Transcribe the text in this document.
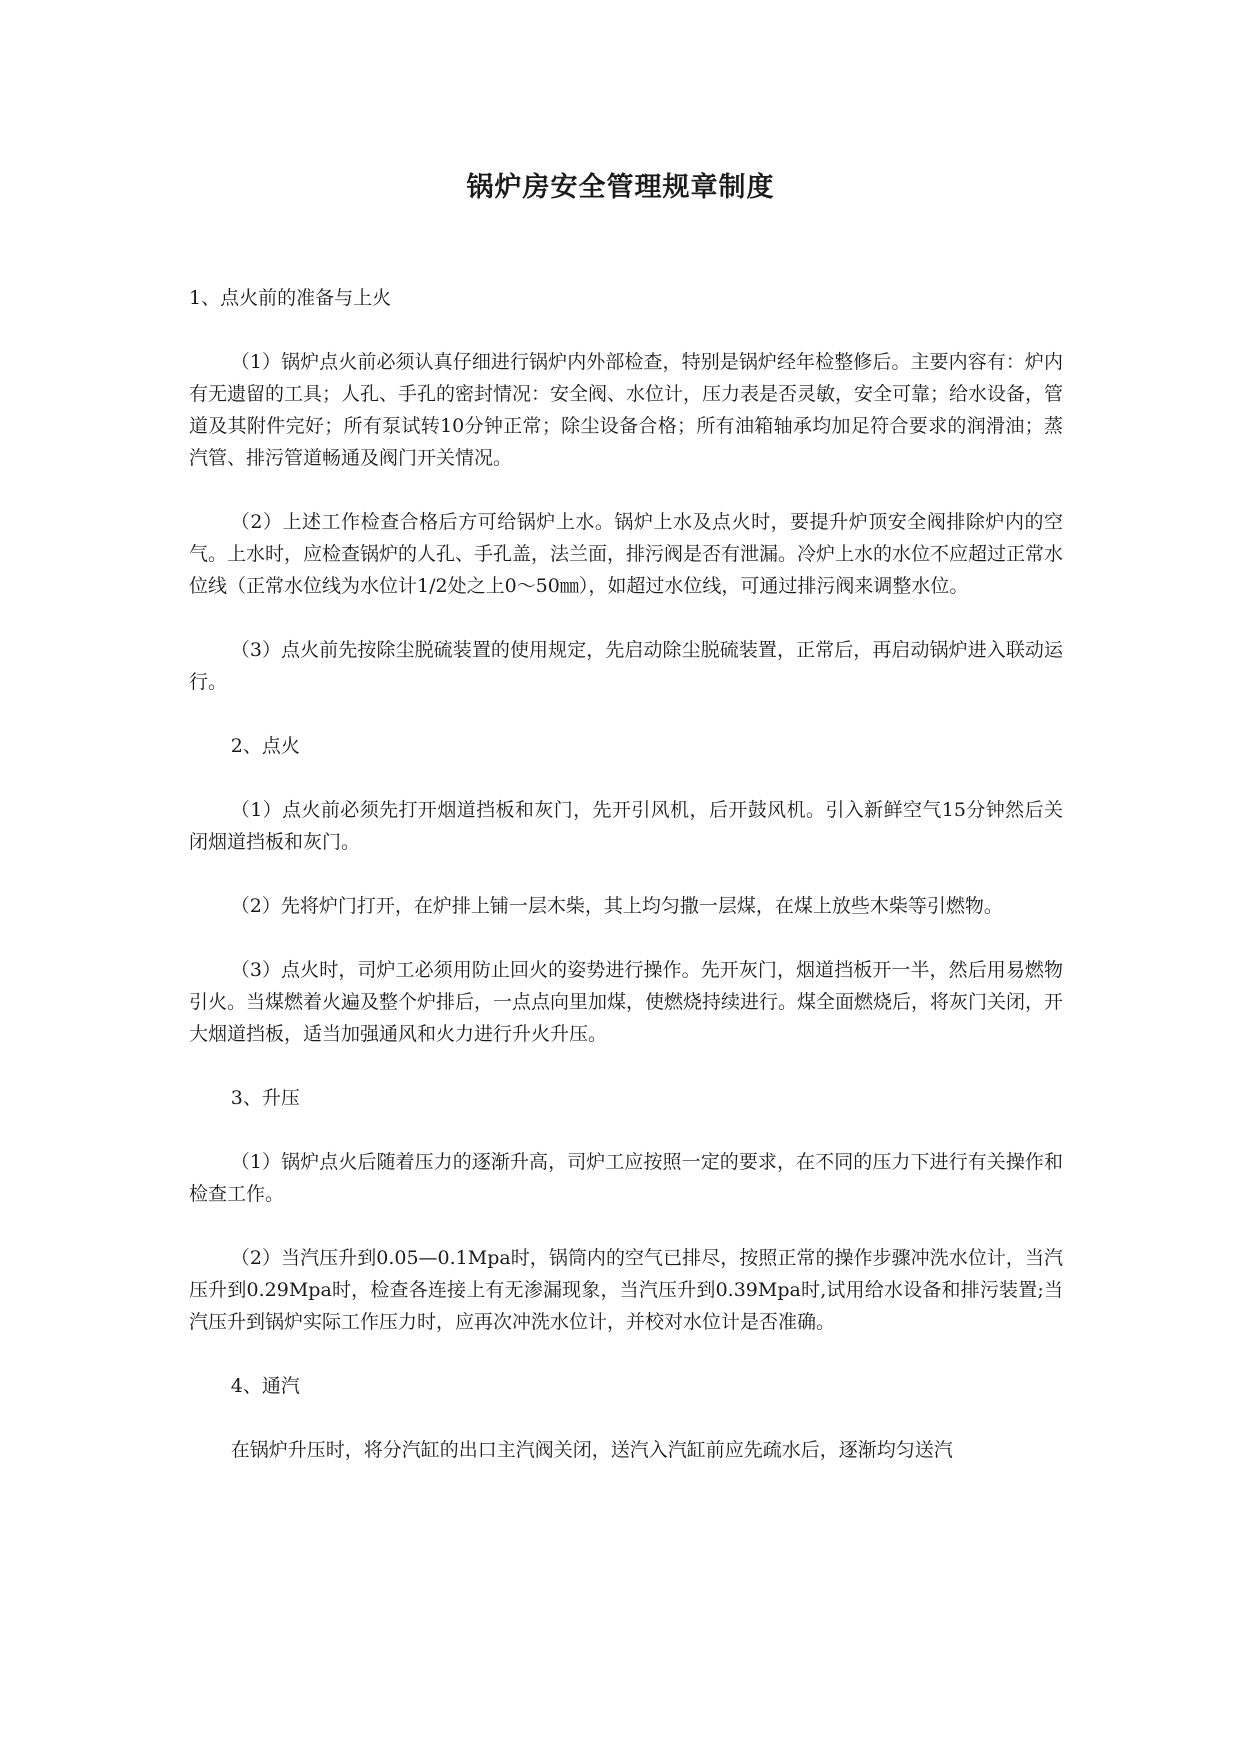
锅炉房安全管理规章制度

1、点火前的准备与上火

（1）锅炉点火前必须认真仔细进行锅炉内外部检查，特别是锅炉经年检整修后。主要内容有：炉内有无遗留的工具；人孔、手孔的密封情况：安全阀、水位计，压力表是否灵敏，安全可靠；给水设备，管道及其附件完好；所有泵试转10分钟正常；除尘设备合格；所有油箱轴承均加足符合要求的润滑油；蒸汽管、排污管道畅通及阀门开关情况。

（2）上述工作检查合格后方可给锅炉上水。锅炉上水及点火时，要提升炉顶安全阀排除炉内的空气。上水时，应检查锅炉的人孔、手孔盖，法兰面，排污阀是否有泄漏。冷炉上水的水位不应超过正常水位线（正常水位线为水位计1/2处之上0～50㎜），如超过水位线，可通过排污阀来调整水位。

（3）点火前先按除尘脱硫装置的使用规定，先启动除尘脱硫装置，正常后，再启动锅炉进入联动运行。

2、点火

（1）点火前必须先打开烟道挡板和灰门，先开引风机，后开鼓风机。引入新鲜空气15分钟然后关闭烟道挡板和灰门。

（2）先将炉门打开，在炉排上铺一层木柴，其上均匀撒一层煤，在煤上放些木柴等引燃物。

（3）点火时，司炉工必须用防止回火的姿势进行操作。先开灰门，烟道挡板开一半，然后用易燃物引火。当煤燃着火遍及整个炉排后，一点点向里加煤，使燃烧持续进行。煤全面燃烧后，将灰门关闭，开大烟道挡板，适当加强通风和火力进行升火升压。

3、升压

（1）锅炉点火后随着压力的逐渐升高，司炉工应按照一定的要求，在不同的压力下进行有关操作和检查工作。

（2）当汽压升到0.05—0.1Mpa时，锅筒内的空气已排尽，按照正常的操作步骤冲洗水位计，当汽压升到0.29Mpa时，检查各连接上有无渗漏现象，当汽压升到0.39Mpa时,试用给水设备和排污装置;当汽压升到锅炉实际工作压力时，应再次冲洗水位计，并校对水位计是否准确。

4、通汽

在锅炉升压时，将分汽缸的出口主汽阀关闭，送汽入汽缸前应先疏水后，逐渐均匀送汽
